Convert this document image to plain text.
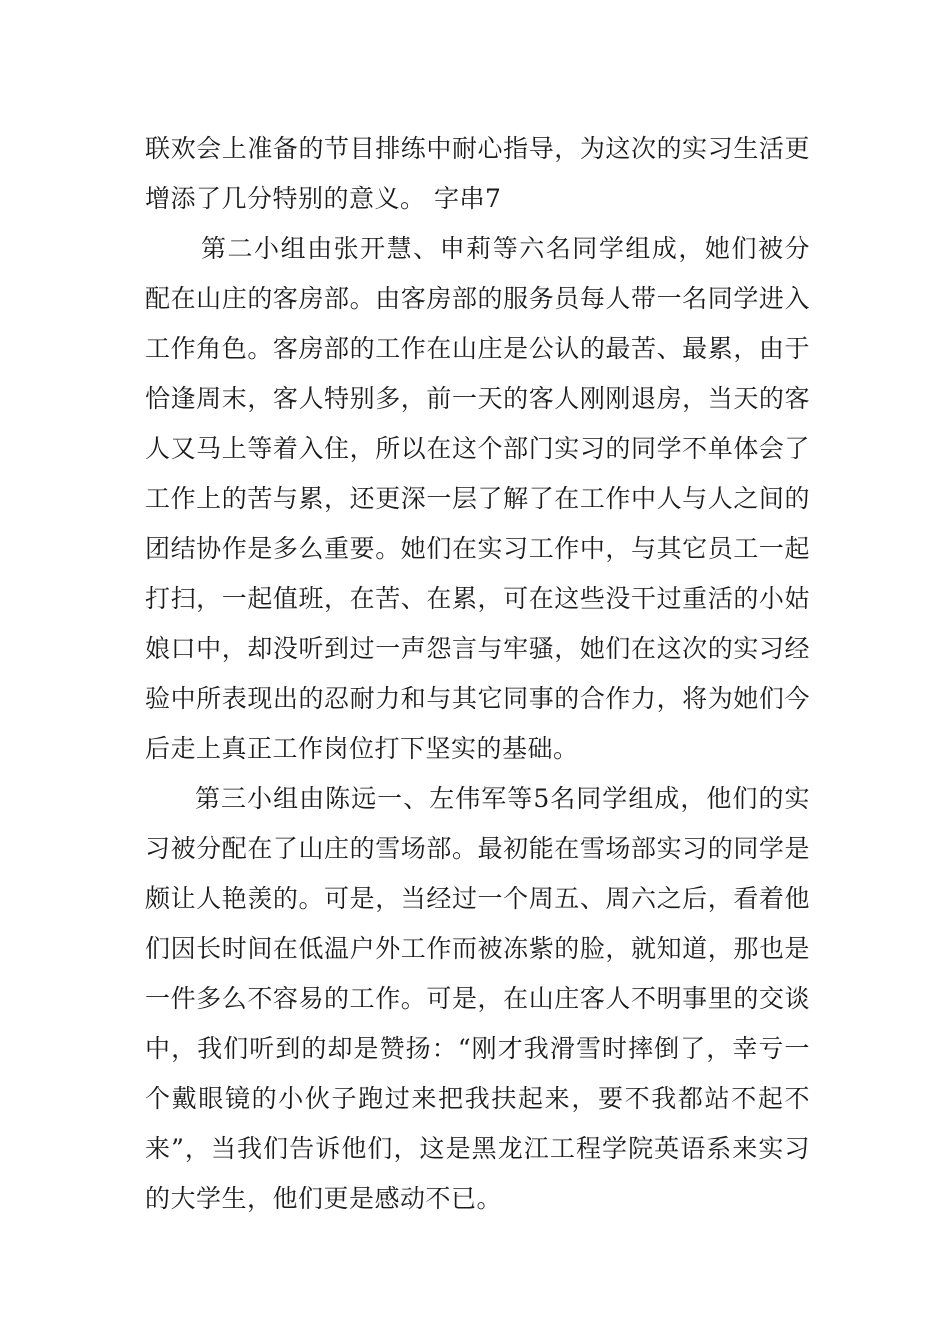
联欢会上准备的节目排练中耐心指导，为这次的实习生活更增添了几分特别的意义。 字串7

第二小组由张开慧、申莉等六名同学组成，她们被分配在山庄的客房部。由客房部的服务员每人带一名同学进入工作角色。客房部的工作在山庄是公认的最苦、最累，由于恰逢周末，客人特别多，前一天的客人刚刚退房，当天的客人又马上等着入住，所以在这个部门实习的同学不单体会了工作上的苦与累，还更深一层了解了在工作中人与人之间的团结协作是多么重要。她们在实习工作中，与其它员工一起打扫，一起值班，在苦、在累，可在这些没干过重活的小姑娘口中，却没听到过一声怨言与牢骚，她们在这次的实习经验中所表现出的忍耐力和与其它同事的合作力，将为她们今后走上真正工作岗位打下坚实的基础。

第三小组由陈远一、左伟军等5名同学组成，他们的实习被分配在了山庄的雪场部。最初能在雪场部实习的同学是颇让人艳羡的。可是，当经过一个周五、周六之后，看着他们因长时间在低温户外工作而被冻紫的脸，就知道，那也是一件多么不容易的工作。可是，在山庄客人不明事里的交谈中，我们听到的却是赞扬：“刚才我滑雪时摔倒了，幸亏一个戴眼镜的小伙子跑过来把我扶起来，要不我都站不起不来”，当我们告诉他们，这是黑龙江工程学院英语系来实习的大学生，他们更是感动不已。
